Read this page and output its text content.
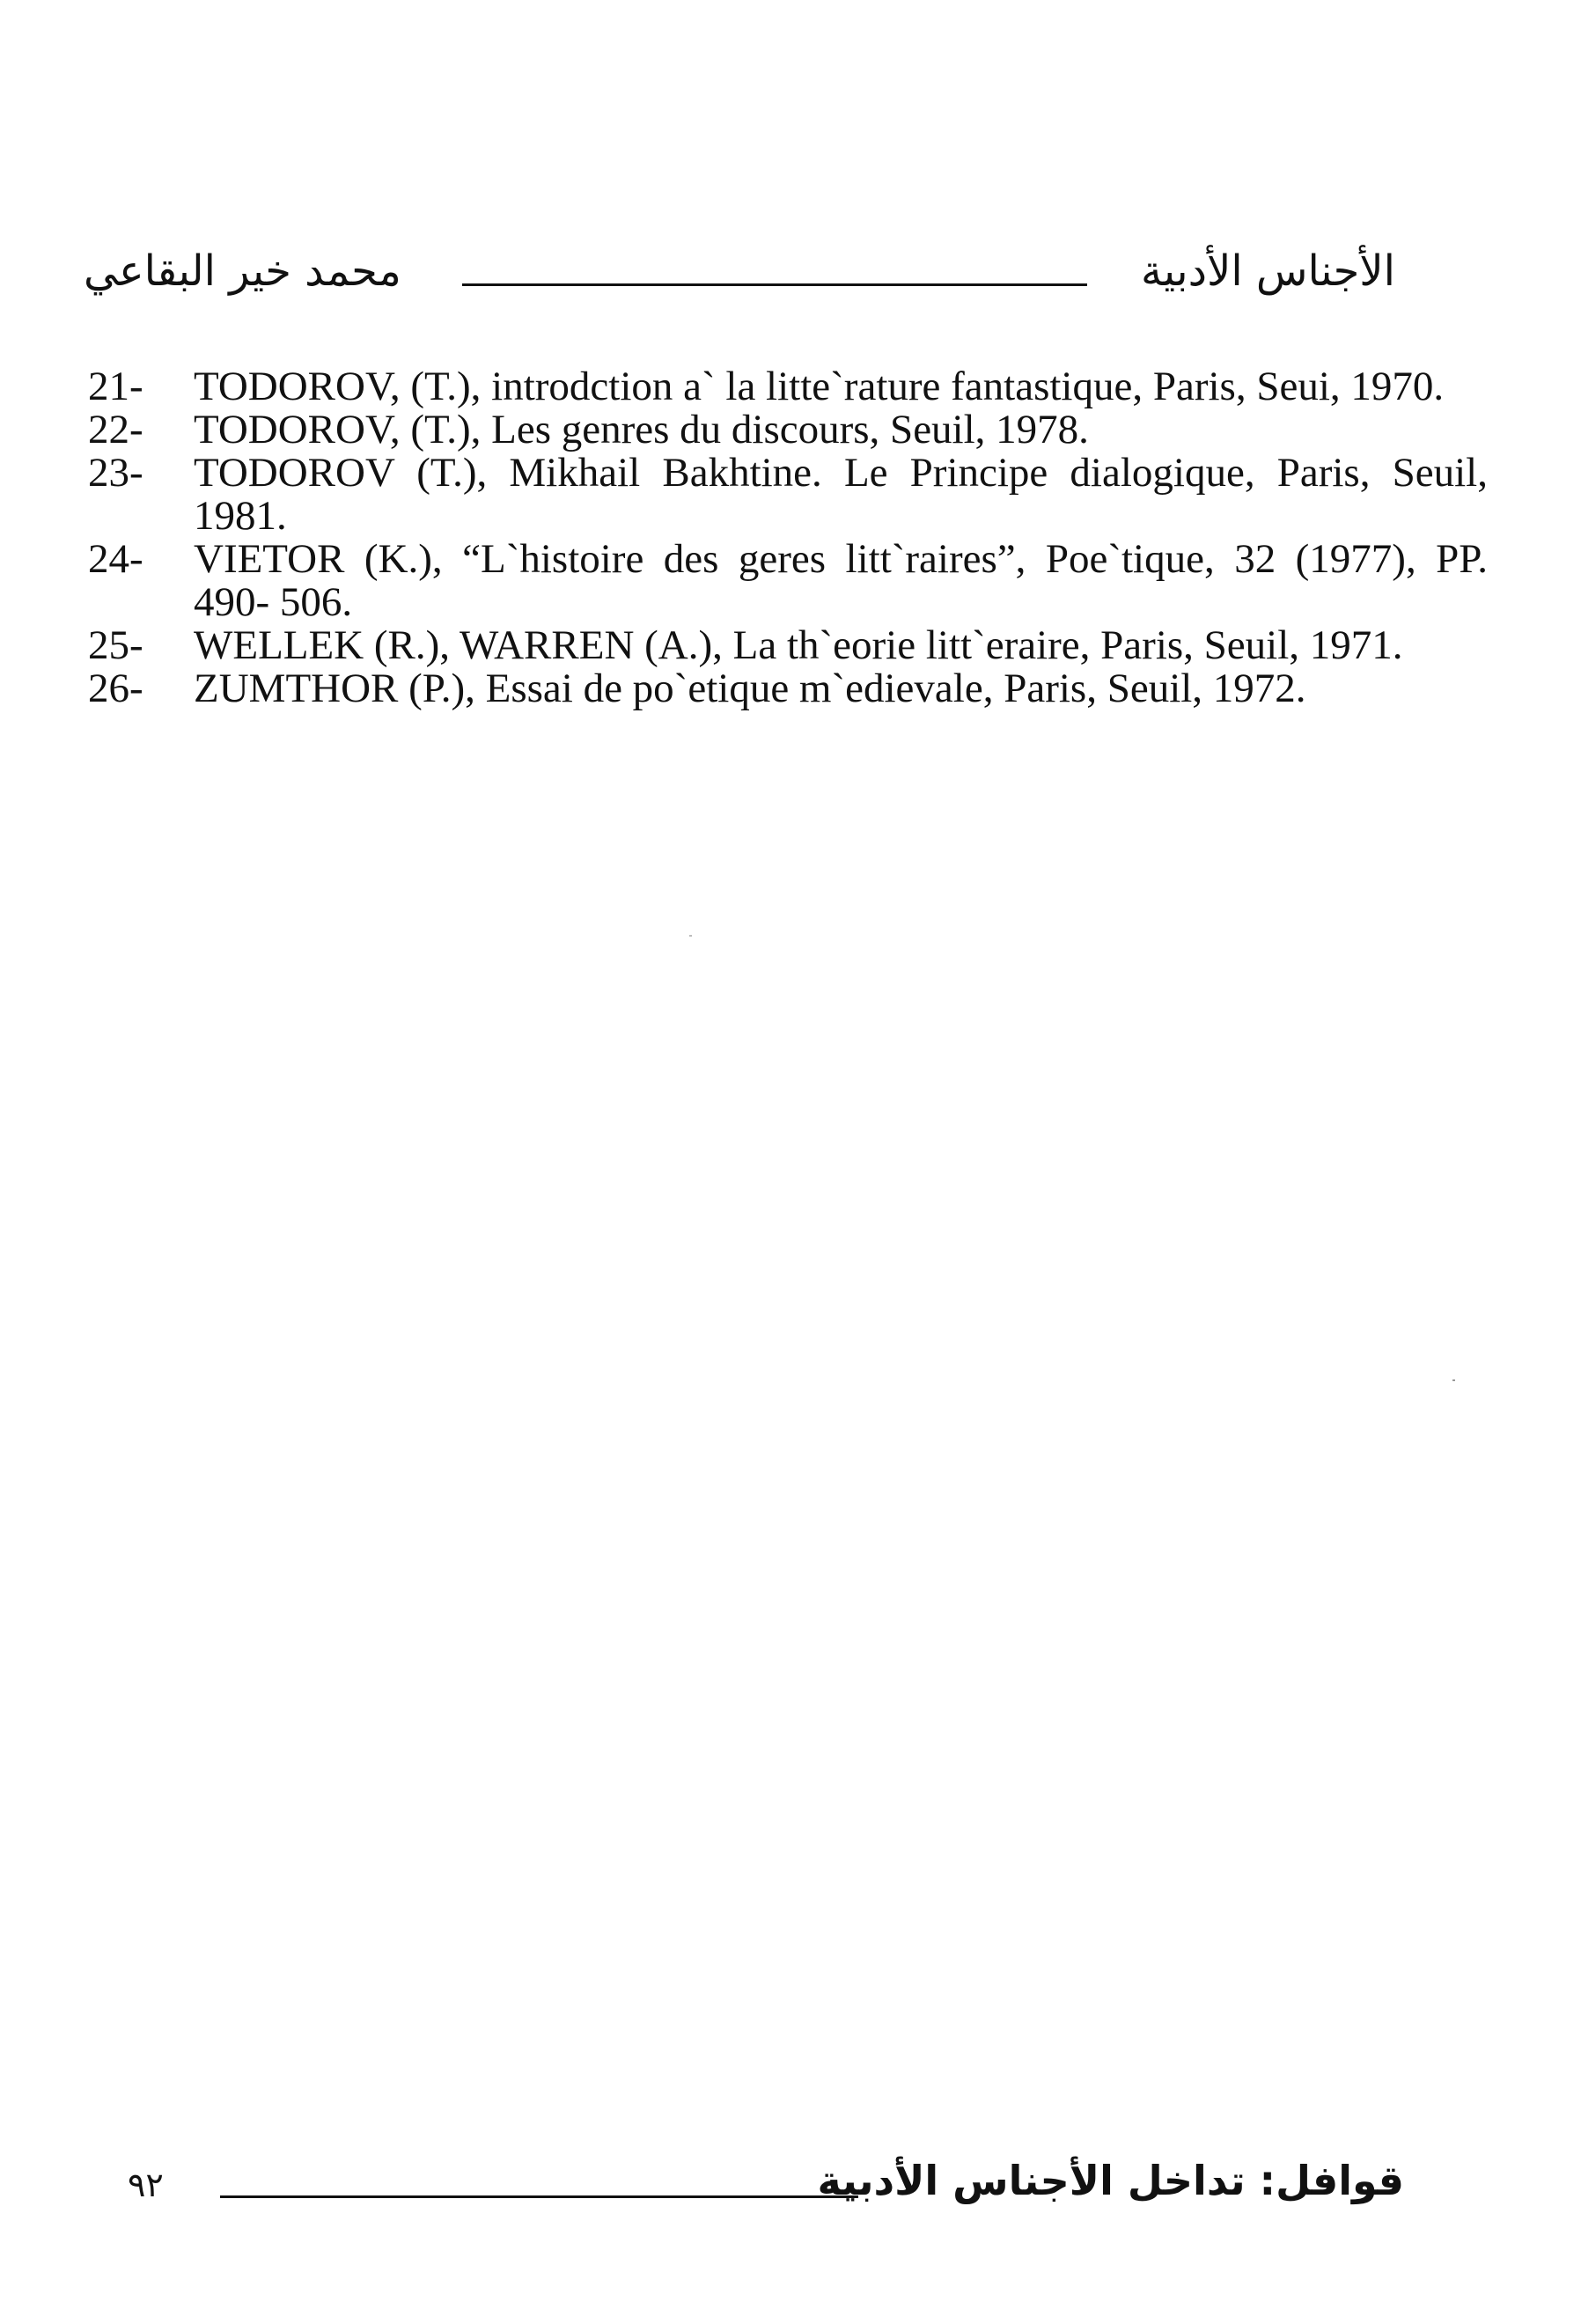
محمد خير البقاعي	الأجناس الأدبية
21- TODOROV, (T.), introdction a` la litte`rature fantastique, Paris, Seui, 1970.
22- TODOROV, (T.), Les genres du discours, Seuil, 1978.
23- TODOROV (T.), Mikhail Bakhtine. Le Principe dialogique, Paris, Seuil, 1981.
24- VIETOR (K.), “L`histoire des geres litt`raires”, Poe`tique, 32 (1977), PP. 490- 506.
25- WELLEK (R.), WARREN (A.), La th`eorie litt`eraire, Paris, Seuil, 1971.
26- ZUMTHOR (P.), Essai de po`etique m`edievale, Paris, Seuil, 1972.
٩٢	قوافل: تداخل الأجناس الأدبية
